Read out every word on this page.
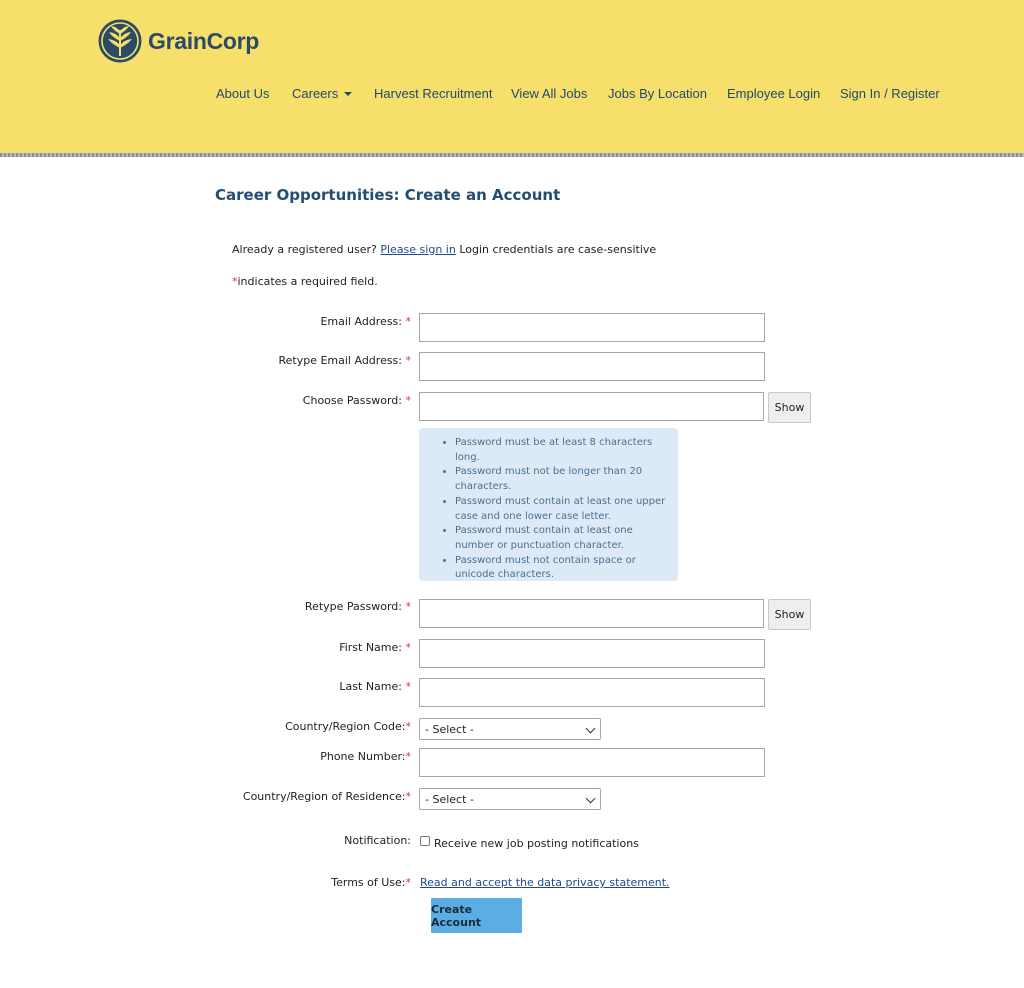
GrainCorp
About Us Careers	Harvest Recruitment View All Jobs Jobs By Location Employee Login Sign In / Register
Career Opportunities: Create an Account
Already a registered user? Please sign in Login credentials are case-sensitive
*indicates a required field.
Email Address: *
Retype Email Address: *
Choose Password: *
Show
• Password must be at least 8 characters long.
• Password must not be longer than 20 characters.
• Password must contain at least one upper case and one lower case letter.
• Password must contain at least one number or punctuation character.
• Password must not contain space or unicode characters.
Retype Password: *
Show
First Name: *
Last Name: *
Country/Region Code:* - Select -
Phone Number:*
Country/Region of Residence:* - Select -
Notification: Receive new job posting notifications
Terms of Use:* Read and accept the data privacy statement.
Create Account
